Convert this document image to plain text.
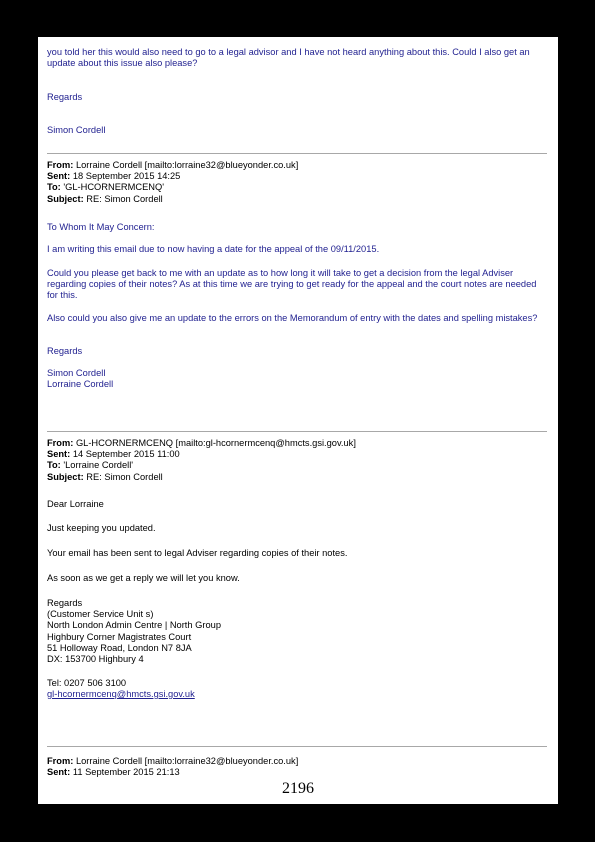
you told her this would also need to go to a legal advisor and I have not heard anything about this. Could I also get an update about this issue also please?
Regards
Simon Cordell
From: Lorraine Cordell [mailto:lorraine32@blueyonder.co.uk]
Sent: 18 September 2015 14:25
To: 'GL-HCORNERMCENQ'
Subject: RE: Simon Cordell
To Whom It May Concern:
I am writing this email due to now having a date for the appeal of the 09/11/2015.
Could you please get back to me with an update as to how long it will take to get a decision from the legal Adviser regarding copies of their notes? As at this time we are trying to get ready for the appeal and the court notes are needed for this.
Also could you also give me an update to the errors on the Memorandum of entry with the dates and spelling mistakes?
Regards
Simon Cordell
Lorraine Cordell
From: GL-HCORNERMCENQ [mailto:gl-hcornermcenq@hmcts.gsi.gov.uk]
Sent: 14 September 2015 11:00
To: 'Lorraine Cordell'
Subject: RE: Simon Cordell
Dear Lorraine
Just keeping you updated.
Your email has been sent to legal Adviser regarding copies of their notes.
As soon as we get a reply we will let you know.
Regards
(Customer Service Unit s)
North London Admin Centre | North Group
Highbury Corner Magistrates Court
51 Holloway Road, London N7 8JA
DX: 153700 Highbury 4
Tel: 0207 506 3100
gl-hcornermcenq@hmcts.gsi.gov.uk
From: Lorraine Cordell [mailto:lorraine32@blueyonder.co.uk]
Sent: 11 September 2015 21:13
2196
